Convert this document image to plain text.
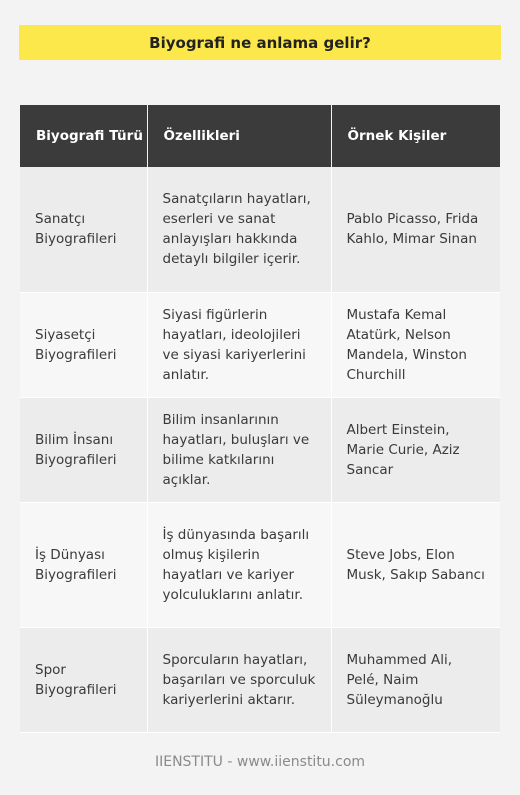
Biyografi ne anlama gelir?
Biyografi Türü	Özellikleri	Örnek Kişiler
Sanatçı Biyografileri	Sanatçıların hayatları, eserleri ve sanat anlayışları hakkında detaylı bilgiler içerir.	Pablo Picasso, Frida Kahlo, Mimar Sinan
Siyasetçi Biyografileri	Siyasi figürlerin hayatları, ideolojileri ve siyasi kariyerlerini anlatır.	Mustafa Kemal Atatürk, Nelson Mandela, Winston Churchill
Bilim İnsanı Biyografileri	Bilim insanlarının hayatları, buluşları ve bilime katkılarını açıklar.	Albert Einstein, Marie Curie, Aziz Sancar
İş Dünyası Biyografileri	İş dünyasında başarılı olmuş kişilerin hayatları ve kariyer yolculuklarını anlatır.	Steve Jobs, Elon Musk, Sakıp Sabancı
Spor Biyografileri	Sporcuların hayatları, başarıları ve sporculuk kariyerlerini aktarır.	Muhammed Ali, Pelé, Naim Süleymanoğlu
IIENSTITU - www.iienstitu.com
